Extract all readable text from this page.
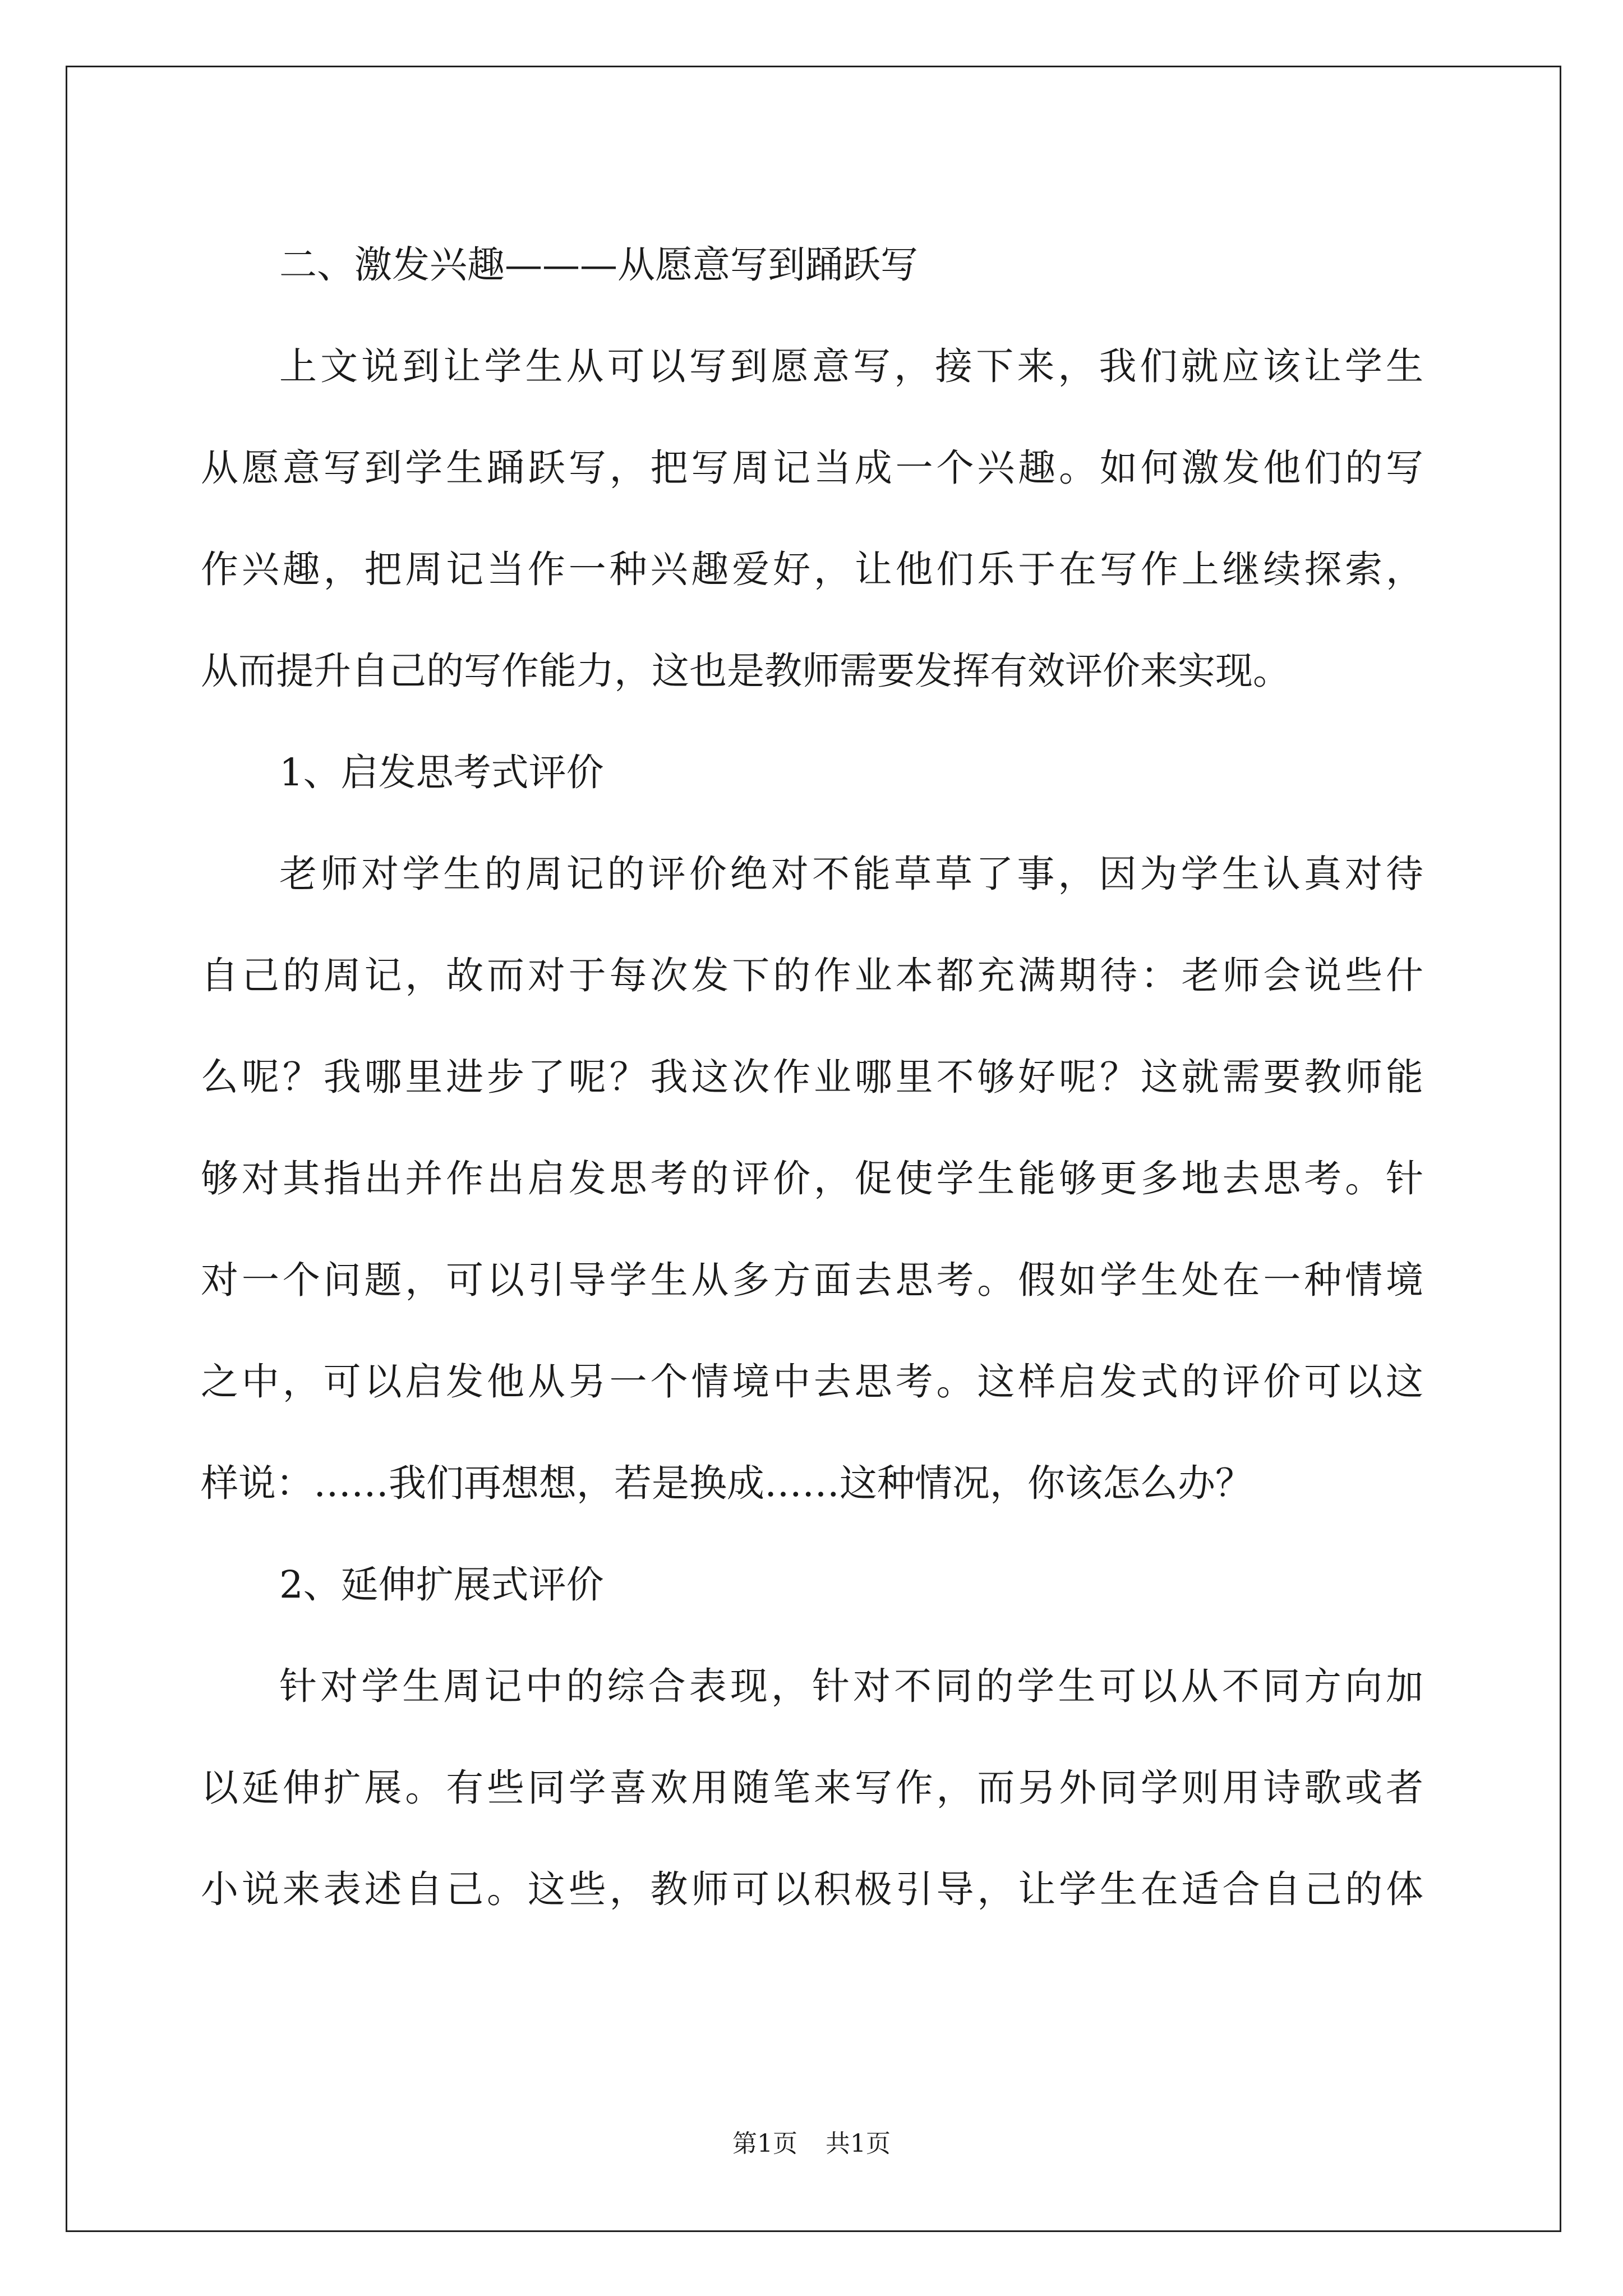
二、激发兴趣———从愿意写到踊跃写
上文说到让学生从可以写到愿意写，接下来，我们就应该让学生
从愿意写到学生踊跃写，把写周记当成一个兴趣。如何激发他们的写
作兴趣，把周记当作一种兴趣爱好，让他们乐于在写作上继续探索，
从而提升自己的写作能力，这也是教师需要发挥有效评价来实现。
1、启发思考式评价
老师对学生的周记的评价绝对不能草草了事，因为学生认真对待
自己的周记，故而对于每次发下的作业本都充满期待：老师会说些什
么呢？我哪里进步了呢？我这次作业哪里不够好呢？这就需要教师能
够对其指出并作出启发思考的评价，促使学生能够更多地去思考。针
对一个问题，可以引导学生从多方面去思考。假如学生处在一种情境
之中，可以启发他从另一个情境中去思考。这样启发式的评价可以这
样说：……我们再想想，若是换成……这种情况，你该怎么办？
2、延伸扩展式评价
针对学生周记中的综合表现，针对不同的学生可以从不同方向加
以延伸扩展。有些同学喜欢用随笔来写作，而另外同学则用诗歌或者
小说来表述自己。这些，教师可以积极引导，让学生在适合自己的体
第1页 共1页
